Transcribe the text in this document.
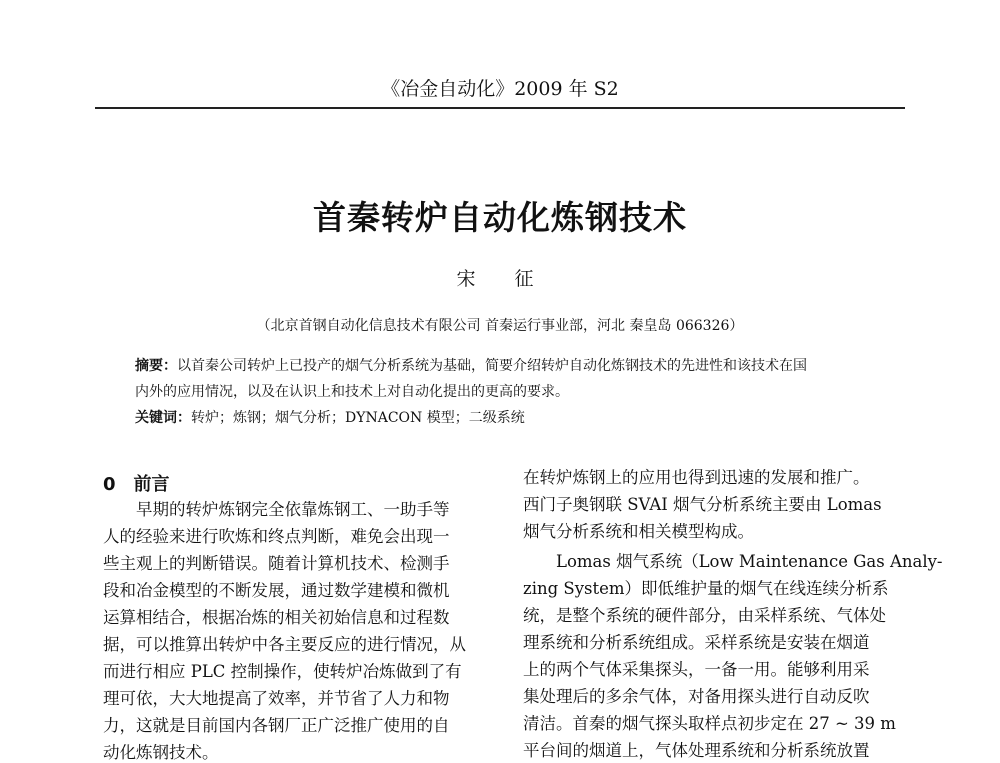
《冶金自动化》2009 年 S2
首秦转炉自动化炼钢技术
宋　征
（北京首钢自动化信息技术有限公司 首秦运行事业部，河北 秦皇岛 066326）
摘要：以首秦公司转炉上已投产的烟气分析系统为基础，简要介绍转炉自动化炼钢技术的先进性和该技术在国
内外的应用情况，以及在认识上和技术上对自动化提出的更高的要求。
关键词：转炉；炼钢；烟气分析；DYNACON 模型；二级系统
0 前言
　　早期的转炉炼钢完全依靠炼钢工、一助手等
人的经验来进行吹炼和终点判断，难免会出现一
些主观上的判断错误。随着计算机技术、检测手
段和冶金模型的不断发展，通过数学建模和微机
运算相结合，根据冶炼的相关初始信息和过程数
据，可以推算出转炉中各主要反应的进行情况，从
而进行相应 PLC 控制操作，使转炉冶炼做到了有
理可依，大大地提高了效率，并节省了人力和物
力，这就是目前国内各钢厂正广泛推广使用的自
动化炼钢技术。
在转炉炼钢上的应用也得到迅速的发展和推广。
西门子奥钢联 SVAI 烟气分析系统主要由 Lomas
烟气分析系统和相关模型构成。
　　Lomas 烟气系统（Low Maintenance Gas Analy-
zing System）即低维护量的烟气在线连续分析系
统，是整个系统的硬件部分，由采样系统、气体处
理系统和分析系统组成。采样系统是安装在烟道
上的两个气体采集探头，一备一用。能够利用采
集处理后的多余气体，对备用探头进行自动反吹
清洁。首秦的烟气探头取样点初步定在 27 ~ 39 m
平台间的烟道上，气体处理系统和分析系统放置
